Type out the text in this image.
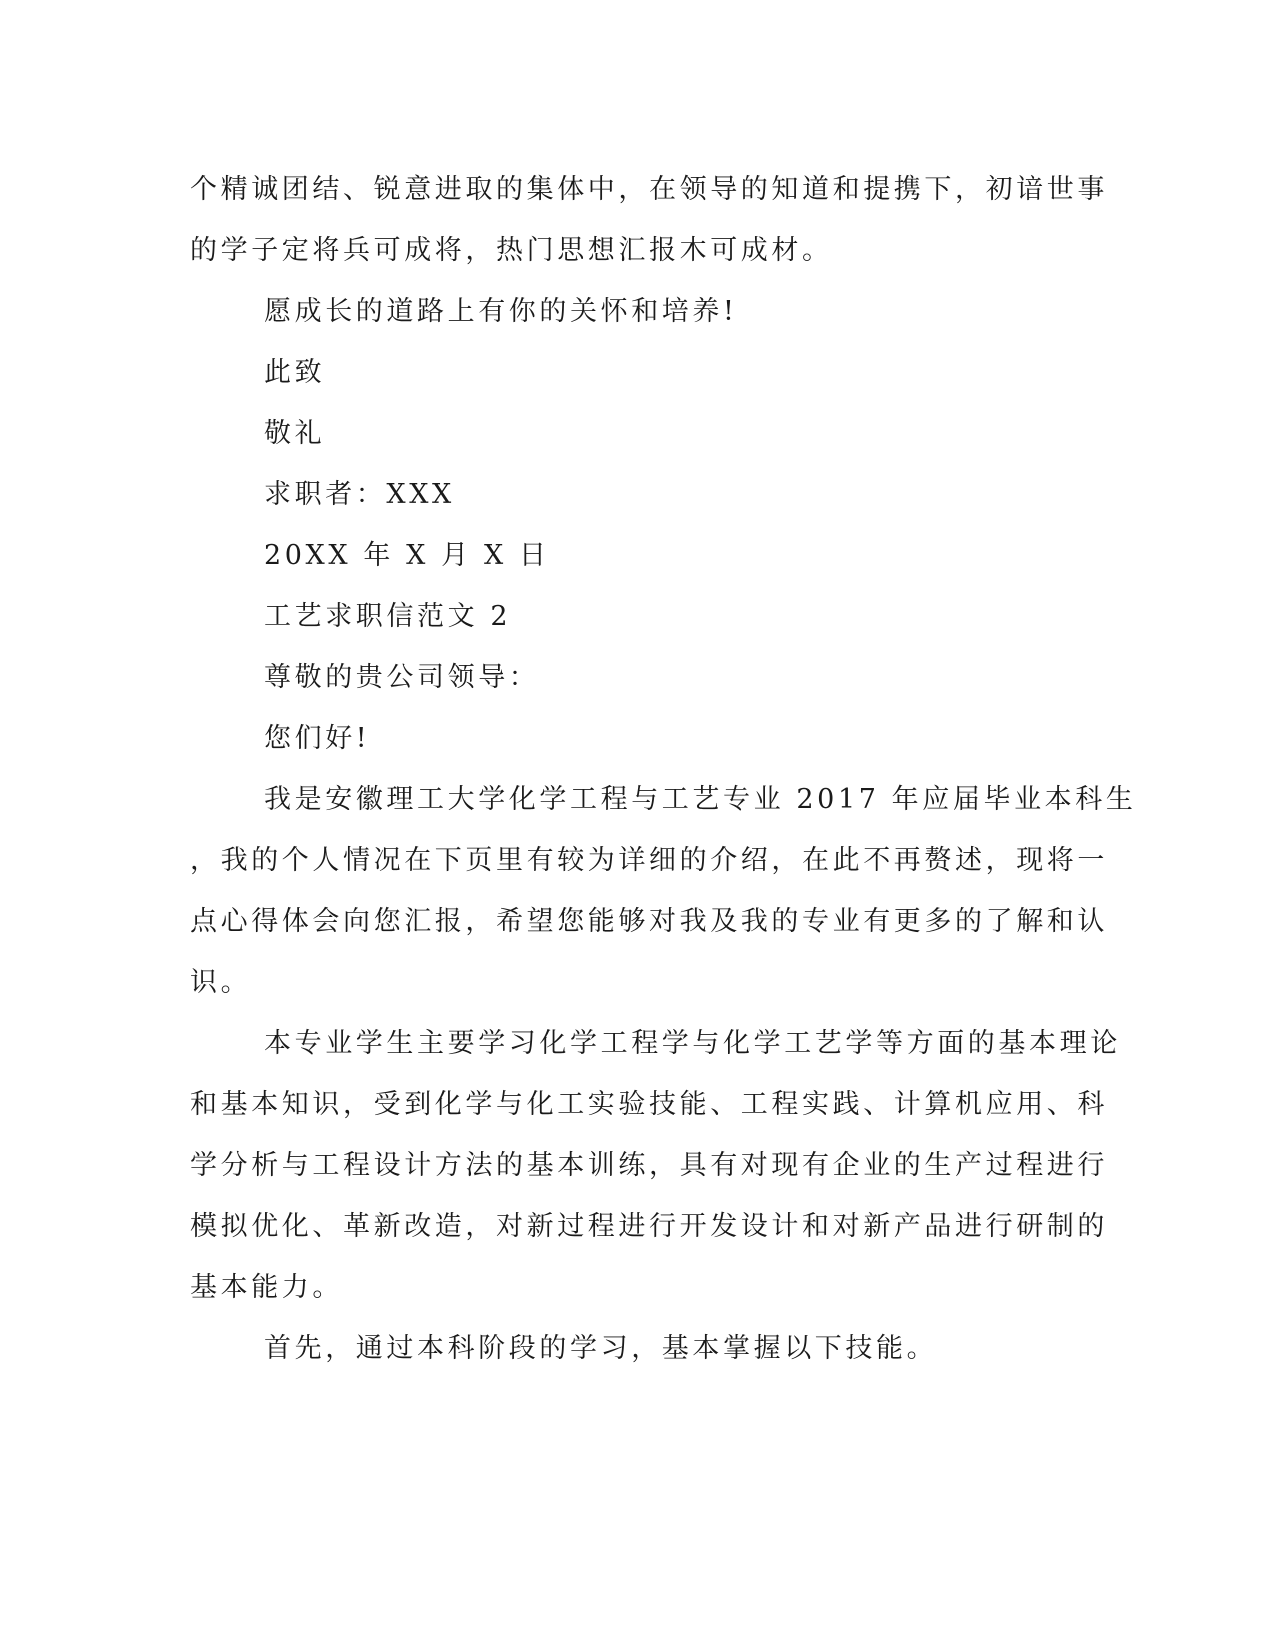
个精诚团结、锐意进取的集体中，在领导的知道和提携下，初谙世事

的学子定将兵可成将，热门思想汇报木可成材。

愿成长的道路上有你的关怀和培养!

此致

敬礼

求职者：XXX

20XX 年 X 月 X 日

工艺求职信范文 2

尊敬的贵公司领导：

您们好!

我是安徽理工大学化学工程与工艺专业 2017 年应届毕业本科生

，我的个人情况在下页里有较为详细的介绍，在此不再赘述，现将一

点心得体会向您汇报，希望您能够对我及我的专业有更多的了解和认

识。

本专业学生主要学习化学工程学与化学工艺学等方面的基本理论

和基本知识，受到化学与化工实验技能、工程实践、计算机应用、科

学分析与工程设计方法的基本训练，具有对现有企业的生产过程进行

模拟优化、革新改造，对新过程进行开发设计和对新产品进行研制的

基本能力。

首先，通过本科阶段的学习，基本掌握以下技能。
